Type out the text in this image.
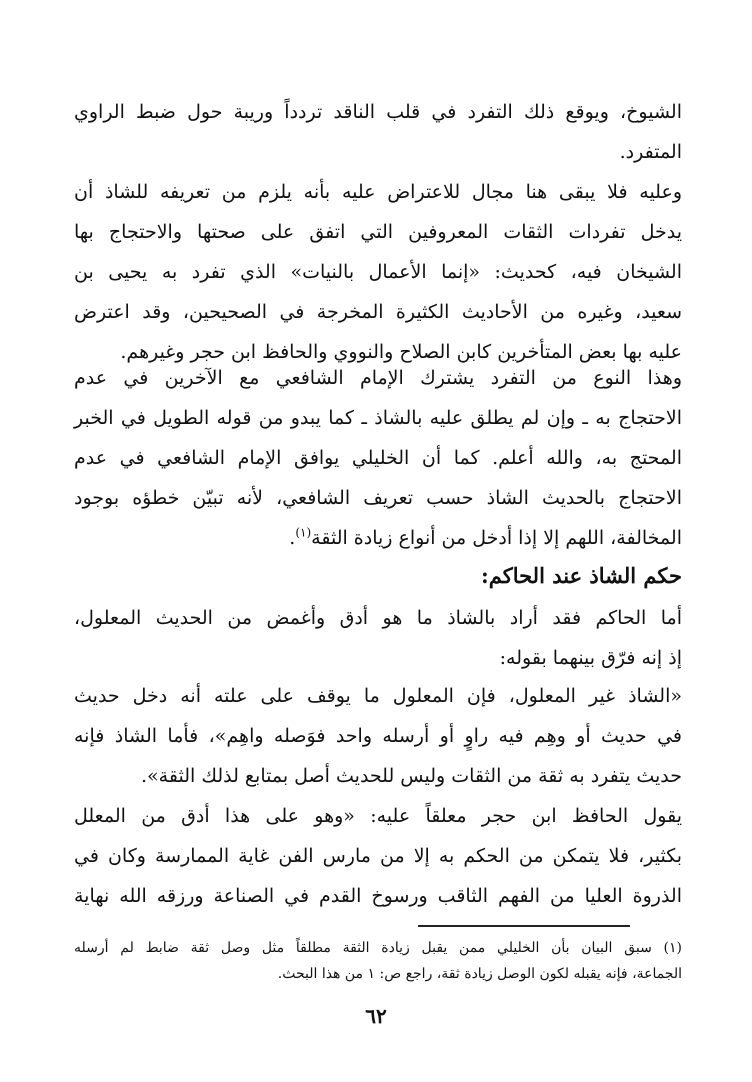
الشيوخ، ويوقع ذلك التفرد في قلب الناقد تردداً وريبة حول ضبط الراوي
المتفرد.
وعليه فلا يبقى هنا مجال للاعتراض عليه بأنه يلزم من تعريفه للشاذ أن
يدخل تفردات الثقات المعروفين التي اتفق على صحتها والاحتجاج بها
الشيخان فيه، كحديث: «إنما الأعمال بالنيات» الذي تفرد به يحيى بن
سعيد، وغيره من الأحاديث الكثيرة المخرجة في الصحيحين، وقد اعترض
عليه بها بعض المتأخرين كابن الصلاح والنووي والحافظ ابن حجر وغيرهم.
وهذا النوع من التفرد يشترك الإمام الشافعي مع الآخرين في عدم
الاحتجاج به ـ وإن لم يطلق عليه بالشاذ ـ كما يبدو من قوله الطويل في الخبر
المحتج به، والله أعلم. كما أن الخليلي يوافق الإمام الشافعي في عدم
الاحتجاج بالحديث الشاذ حسب تعريف الشافعي، لأنه تبيّن خطؤه بوجود
المخالفة، اللهم إلا إذا أدخل من أنواع زيادة الثقة$^{(١)}$.
حكم الشاذ عند الحاكم:
أما الحاكم فقد أراد بالشاذ ما هو أدق وأغمض من الحديث المعلول،
إذ إنه فرّق بينهما بقوله:
«الشاذ غير المعلول، فإن المعلول ما يوقف على علته أنه دخل حديث
في حديث أو وهِم فيه راوٍ أو أرسله واحد فوَصله واهِم»، فأما الشاذ فإنه
حديث يتفرد به ثقة من الثقات وليس للحديث أصل بمتابع لذلك الثقة».
يقول الحافظ ابن حجر معلقاً عليه: «وهو على هذا أدق من المعلل
بكثير، فلا يتمكن من الحكم به إلا من مارس الفن غاية الممارسة وكان في
الذروة العليا من الفهم الثاقب ورسوخ القدم في الصناعة ورزقه الله نهاية
(١) سبق البيان بأن الخليلي ممن يقبل زيادة الثقة مطلقاً مثل وصل ثقة ضابط لم أرسله
الجماعة، فإنه يقبله لكون الوصل زيادة ثقة، راجع ص: ١ من هذا البحث.
٦٢
